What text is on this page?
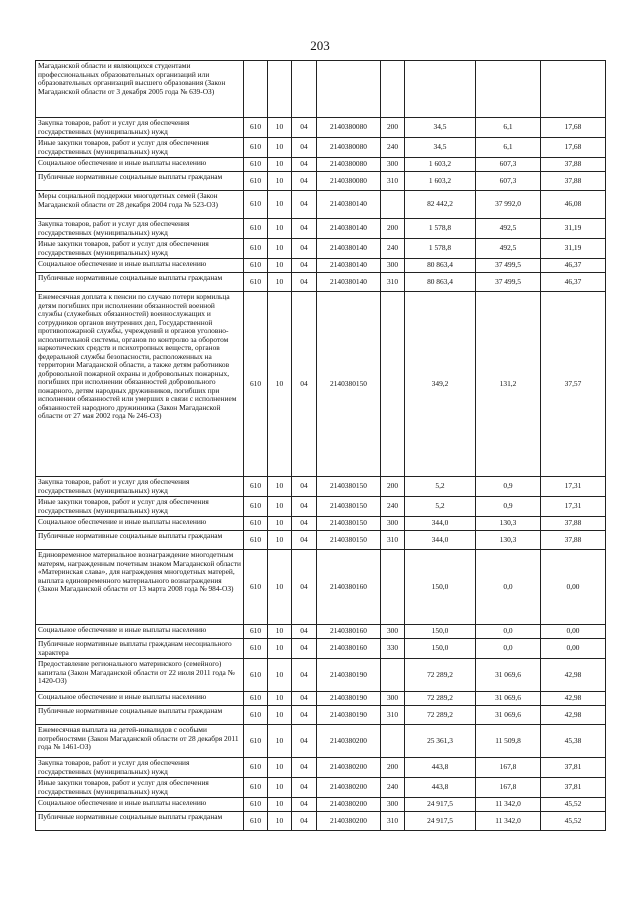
203
Магаданской области и являющихся студентами профессиональных образовательных организаций или образовательных организаций высшего образования (Закон Магаданской области от 3 декабря 2005 года № 639-ОЗ)								
Закупка товаров, работ и услуг для обеспечения государственных (муниципальных) нужд	610	10	04	2140380080	200	34,5	6,1	17,68
Иные закупки товаров, работ и услуг для обеспечения государственных (муниципальных) нужд	610	10	04	2140380080	240	34,5	6,1	17,68
Социальное обеспечение и иные выплаты населению	610	10	04	2140380080	300	1 603,2	607,3	37,88
Публичные нормативные социальные выплаты гражданам	610	10	04	2140380080	310	1 603,2	607,3	37,88
Меры социальной поддержки многодетных семей (Закон Магаданской области от 28 декабря 2004 года № 523-ОЗ)	610	10	04	2140380140		82 442,2	37 992,0	46,08
Закупка товаров, работ и услуг для обеспечения государственных (муниципальных) нужд	610	10	04	2140380140	200	1 578,8	492,5	31,19
Иные закупки товаров, работ и услуг для обеспечения государственных (муниципальных) нужд	610	10	04	2140380140	240	1 578,8	492,5	31,19
Социальное обеспечение и иные выплаты населению	610	10	04	2140380140	300	80 863,4	37 499,5	46,37
Публичные нормативные социальные выплаты гражданам	610	10	04	2140380140	310	80 863,4	37 499,5	46,37
Ежемесячная доплата к пенсии по случаю потери кормильца детям погибших при исполнении обязанностей военной службы (служебных обязанностей) военнослужащих и сотрудников органов внутренних дел, Государственной противопожарной службы, учреждений и органов уголовно-исполнительной системы, органов по контролю за оборотом наркотических средств и психотропных веществ, органов федеральной службы безопасности, расположенных на территории Магаданской области, а также детям работников добровольной пожарной охраны и добровольных пожарных, погибших при исполнении обязанностей добровольного пожарного, детям народных дружинников, погибших при исполнении обязанностей или умерших в связи с исполнением обязанностей народного дружинника (Закон Магаданской области от 27 мая 2002 года № 246-ОЗ)	610	10	04	2140380150		349,2	131,2	37,57
Закупка товаров, работ и услуг для обеспечения государственных (муниципальных) нужд	610	10	04	2140380150	200	5,2	0,9	17,31
Иные закупки товаров, работ и услуг для обеспечения государственных (муниципальных) нужд	610	10	04	2140380150	240	5,2	0,9	17,31
Социальное обеспечение и иные выплаты населению	610	10	04	2140380150	300	344,0	130,3	37,88
Публичные нормативные социальные выплаты гражданам	610	10	04	2140380150	310	344,0	130,3	37,88
Единовременное материальное вознаграждение многодетным матерям, награжденным почетным знаком Магаданской области «Материнская слава», для награждения многодетных матерей, выплата единовременного материального вознаграждения (Закон Магаданской области от 13 марта 2008 года № 984-ОЗ)	610	10	04	2140380160		150,0	0,0	0,00
Социальное обеспечение и иные выплаты населению	610	10	04	2140380160	300	150,0	0,0	0,00
Публичные нормативные выплаты гражданам несоциального характера	610	10	04	2140380160	330	150,0	0,0	0,00
Предоставление регионального материнского (семейного) капитала (Закон Магаданской области от 22 июля 2011 года № 1420-ОЗ)	610	10	04	2140380190		72 289,2	31 069,6	42,98
Социальное обеспечение и иные выплаты населению	610	10	04	2140380190	300	72 289,2	31 069,6	42,98
Публичные нормативные социальные выплаты гражданам	610	10	04	2140380190	310	72 289,2	31 069,6	42,98
Ежемесячная выплата на детей-инвалидов с особыми потребностями (Закон Магаданской области от 28 декабря 2011 года № 1461-ОЗ)	610	10	04	2140380200		25 361,3	11 509,8	45,38
Закупка товаров, работ и услуг для обеспечения государственных (муниципальных) нужд	610	10	04	2140380200	200	443,8	167,8	37,81
Иные закупки товаров, работ и услуг для обеспечения государственных (муниципальных) нужд	610	10	04	2140380200	240	443,8	167,8	37,81
Социальное обеспечение и иные выплаты населению	610	10	04	2140380200	300	24 917,5	11 342,0	45,52
Публичные нормативные социальные выплаты гражданам	610	10	04	2140380200	310	24 917,5	11 342,0	45,52
